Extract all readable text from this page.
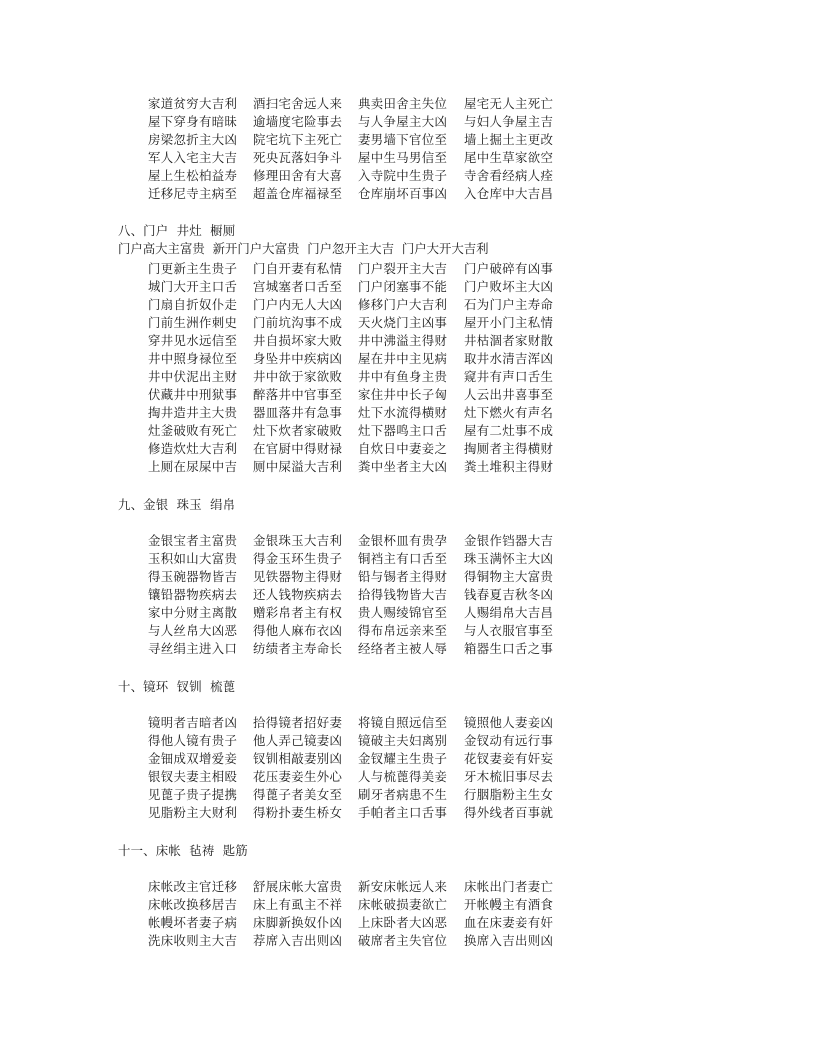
家道贫穷大吉利

酒扫宅舍远人来

典卖田舍主失位

屋宅无人主死亡

屋下穿身有暗昧

逾墙度宅险事去

与人争屋主大凶

与妇人争屋主吉

房梁忽折主大凶

院宅坑下主死亡

妻男墙下官位至

墙上掘土主更改

军人入宅主大吉

死央瓦落妇争斗

屋中生马男信至

尾中生草家欲空

屋上生松柏益寿

修理田舍有大喜

入寺院中生贵子

寺舍看经病人痊

迁移尼寺主病至

超盖仓库福禄至

仓库崩坏百事凶

入仓库中大吉昌

八、门户  井灶  橱厕
门户高大主富贵  新开门户大富贵  门户忽开主大吉  门户大开大吉利

门更新主生贵子

门自开妻有私情

门户裂开主大吉

门户破碎有凶事

城门大开主口舌

宫城塞者口舌至

门户闭塞事不能

门户败坏主大凶

门扇自折奴仆走

门户内无人大凶

修移门户大吉利

石为门户主寿命

门前生洲作刺史

门前坑沟事不成

天火烧门主凶事

屋开小门主私情

穿井见水远信至

井自损坏家大败

井中沸溢主得财

井枯涸者家财散

井中照身禄位至

身坠井中疾病凶

屋在井中主见病

取井水清吉浑凶

井中伏泥出主财

井中欲于家欲败

井中有鱼身主贵

窥井有声口舌生

伏藏井中刑狱事

醉落井中官事至

家住井中长子匈

人云出井喜事至

掏井造井主大贵

器皿落井有急事

灶下水流得横财

灶下燃火有声名

灶釜破败有死亡

灶下炊者家破败

灶下器鸣主口舌

屋有二灶事不成

修造炊灶大吉利

在官厨中得财禄

自炊日中妻妾之

掏厕者主得横财

上厕在尿屎中吉

厕中屎溢大吉利

粪中坐者主大凶

粪土堆积主得财

九、金银  珠玉  绢帛

金银宝者主富贵

金银珠玉大吉利

金银杯皿有贵孕

金银作铛器大吉

玉积如山大富贵

得金玉环生贵子

铜裆主有口舌至

珠玉满怀主大凶

得玉碗器物皆吉

见铁器物主得财

铅与锡者主得财

得铜物主大富贵

镶铅器物疾病去

还人钱物疾病去

拾得钱物皆大吉

钱春夏吉秋冬凶

家中分财主离散

赠彩帛者主有权

贵人赐绫锦官至

人赐绢帛大吉昌

与人丝帛大凶恶

得他人麻布衣凶

得布帛远亲来至

与人衣服官事至

寻丝绢主进入口

纺绩者主寿命长

经络者主被人辱

箱器生口舌之事

十、镜环  钗钏  梳蓖

镜明者吉暗者凶

拾得镜者招好妻

将镜自照远信至

镜照他人妻妾凶

得他人镜有贵子

他人弄己镜妻凶

镜破主夫妇离别

金钗动有远行事

金钿成双增爱妾

钗钏相敲妻别凶

金钗耀主生贵子

花钗妻妾有奸妄

银钗夫妻主相殴

花压妻妾生外心

人与梳蓖得美妾

牙木梳旧事尽去

见蓖子贵子提携

得蓖子者美女至

刷牙者病患不生

行胭脂粉主生女

见脂粉主大财利

得粉扑妻生桥女

手帕者主口舌事

得外线者百事就

十一、床帐  毡祷  匙筋

床帐改主官迁移

舒展床帐大富贵

新安床帐远人来

床帐出门者妻亡

床帐改换移居吉

床上有虱主不祥

床帐破损妻欲亡

开帐幔主有酒食

帐幔坏者妻子病

床脚新换奴仆凶

上床卧者大凶恶

血在床妻妾有奸

洗床收则主大吉

荐席入吉出则凶

破席者主失官位

换席入吉出则凶
